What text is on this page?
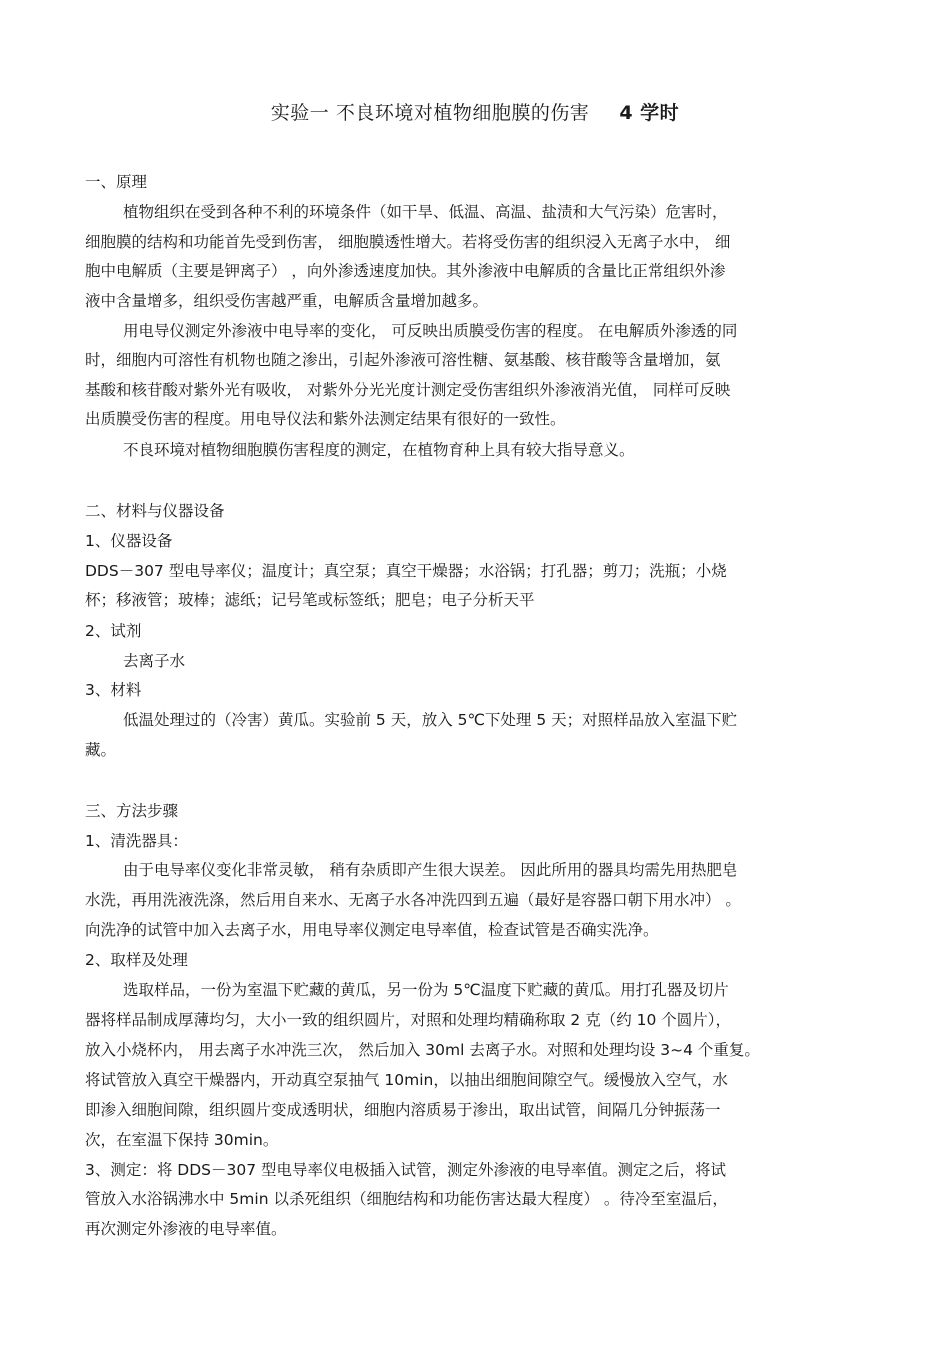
实验一 不良环境对植物细胞膜的伤害 4 学时
一、原理
植物组织在受到各种不利的环境条件（如干旱、低温、高温、盐渍和大气污染）危害时，
细胞膜的结构和功能首先受到伤害， 细胞膜透性增大。若将受伤害的组织浸入无离子水中， 细
胞中电解质（主要是钾离子） ，向外渗透速度加快。其外渗液中电解质的含量比正常组织外渗
液中含量增多，组织受伤害越严重，电解质含量增加越多。
用电导仪测定外渗液中电导率的变化， 可反映出质膜受伤害的程度。 在电解质外渗透的同
时，细胞内可溶性有机物也随之渗出，引起外渗液可溶性糖、氨基酸、核苷酸等含量增加，氨
基酸和核苷酸对紫外光有吸收， 对紫外分光光度计测定受伤害组织外渗液消光值， 同样可反映
出质膜受伤害的程度。用电导仪法和紫外法测定结果有很好的一致性。
不良环境对植物细胞膜伤害程度的测定，在植物育种上具有较大指导意义。
二、材料与仪器设备
1、仪器设备
DDS－307 型电导率仪；温度计；真空泵；真空干燥器；水浴锅；打孔器；剪刀；洗瓶；小烧
杯；移液管；玻棒；滤纸；记号笔或标签纸；肥皂；电子分析天平
2、试剂
去离子水
3、材料
低温处理过的（冷害）黄瓜。实验前 5 天，放入 5℃下处理 5 天；对照样品放入室温下贮
藏。
三、方法步骤
1、清洗器具：
由于电导率仪变化非常灵敏， 稍有杂质即产生很大误差。 因此所用的器具均需先用热肥皂
水洗，再用洗液洗涤，然后用自来水、无离子水各冲洗四到五遍（最好是容器口朝下用水冲） 。
向洗净的试管中加入去离子水，用电导率仪测定电导率值，检查试管是否确实洗净。
2、取样及处理
选取样品，一份为室温下贮藏的黄瓜，另一份为 5℃温度下贮藏的黄瓜。用打孔器及切片
器将样品制成厚薄均匀，大小一致的组织圆片，对照和处理均精确称取 2 克（约 10 个圆片），
放入小烧杯内， 用去离子水冲洗三次， 然后加入 30ml 去离子水。对照和处理均设 3~4 个重复。
将试管放入真空干燥器内，开动真空泵抽气 10min，以抽出细胞间隙空气。缓慢放入空气，水
即渗入细胞间隙，组织圆片变成透明状，细胞内溶质易于渗出，取出试管，间隔几分钟振荡一
次，在室温下保持 30min。
3、测定：将 DDS－307 型电导率仪电极插入试管，测定外渗液的电导率值。测定之后，将试
管放入水浴锅沸水中 5min 以杀死组织（细胞结构和功能伤害达最大程度） 。待冷至室温后，
再次测定外渗液的电导率值。
